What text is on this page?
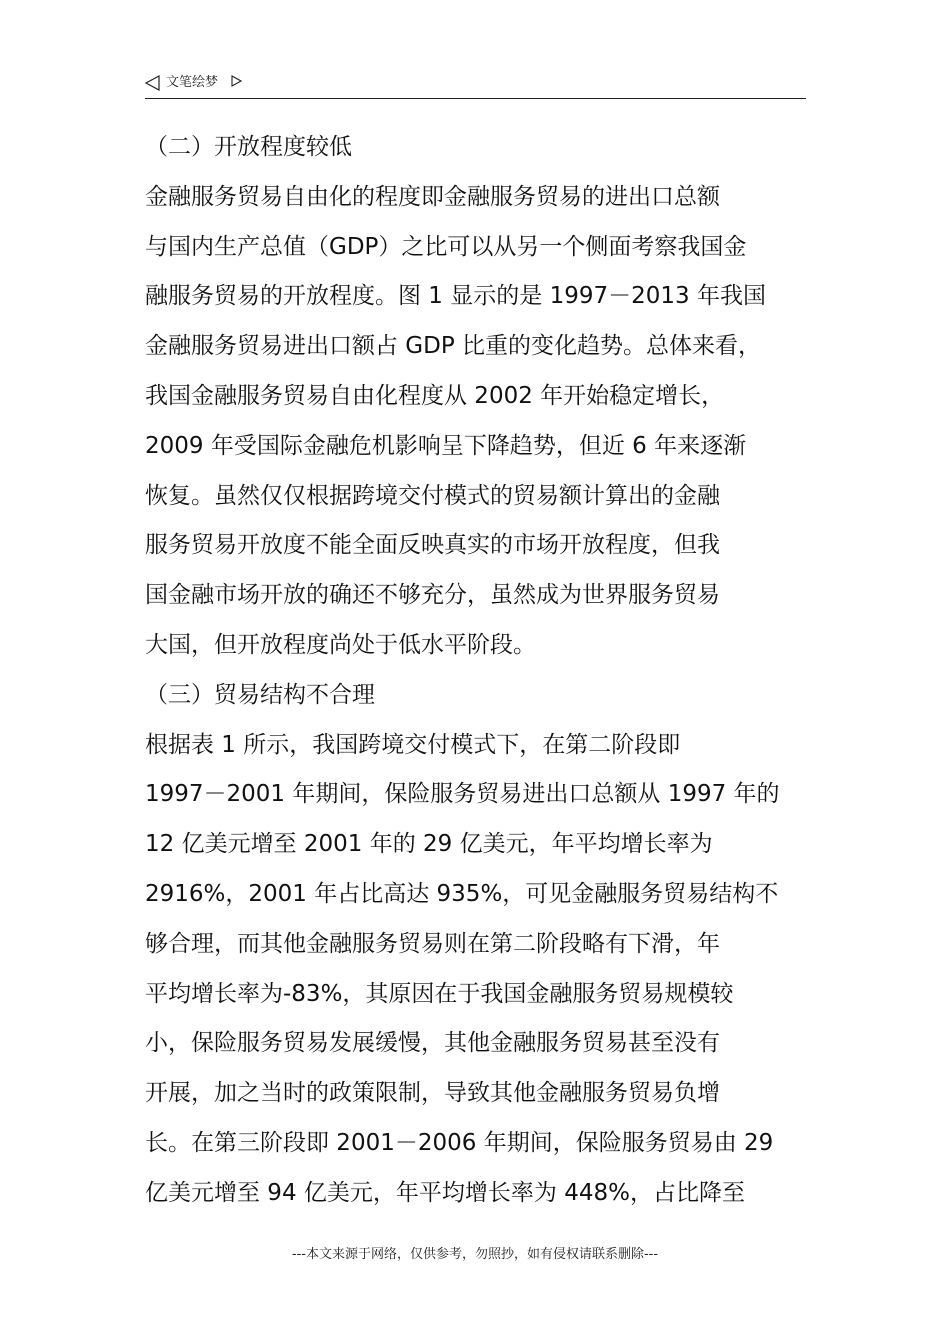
文笔绘梦
（二）开放程度较低
金融服务贸易自由化的程度即金融服务贸易的进出口总额
与国内生产总值（GDP）之比可以从另一个侧面考察我国金
融服务贸易的开放程度。图 1 显示的是 1997－2013 年我国
金融服务贸易进出口额占 GDP 比重的变化趋势。总体来看，
我国金融服务贸易自由化程度从 2002 年开始稳定增长，
2009 年受国际金融危机影响呈下降趋势，但近 6 年来逐渐
恢复。虽然仅仅根据跨境交付模式的贸易额计算出的金融
服务贸易开放度不能全面反映真实的市场开放程度，但我
国金融市场开放的确还不够充分，虽然成为世界服务贸易
大国，但开放程度尚处于低水平阶段。
（三）贸易结构不合理
根据表 1 所示，我国跨境交付模式下，在第二阶段即
1997－2001 年期间，保险服务贸易进出口总额从 1997 年的
12 亿美元增至 2001 年的 29 亿美元，年平均增长率为
2916%，2001 年占比高达 935%，可见金融服务贸易结构不
够合理，而其他金融服务贸易则在第二阶段略有下滑，年
平均增长率为-83%，其原因在于我国金融服务贸易规模较
小，保险服务贸易发展缓慢，其他金融服务贸易甚至没有
开展，加之当时的政策限制，导致其他金融服务贸易负增
长。在第三阶段即 2001－2006 年期间，保险服务贸易由 29
亿美元增至 94 亿美元，年平均增长率为 448%，占比降至
---本文来源于网络，仅供参考，勿照抄，如有侵权请联系删除---
